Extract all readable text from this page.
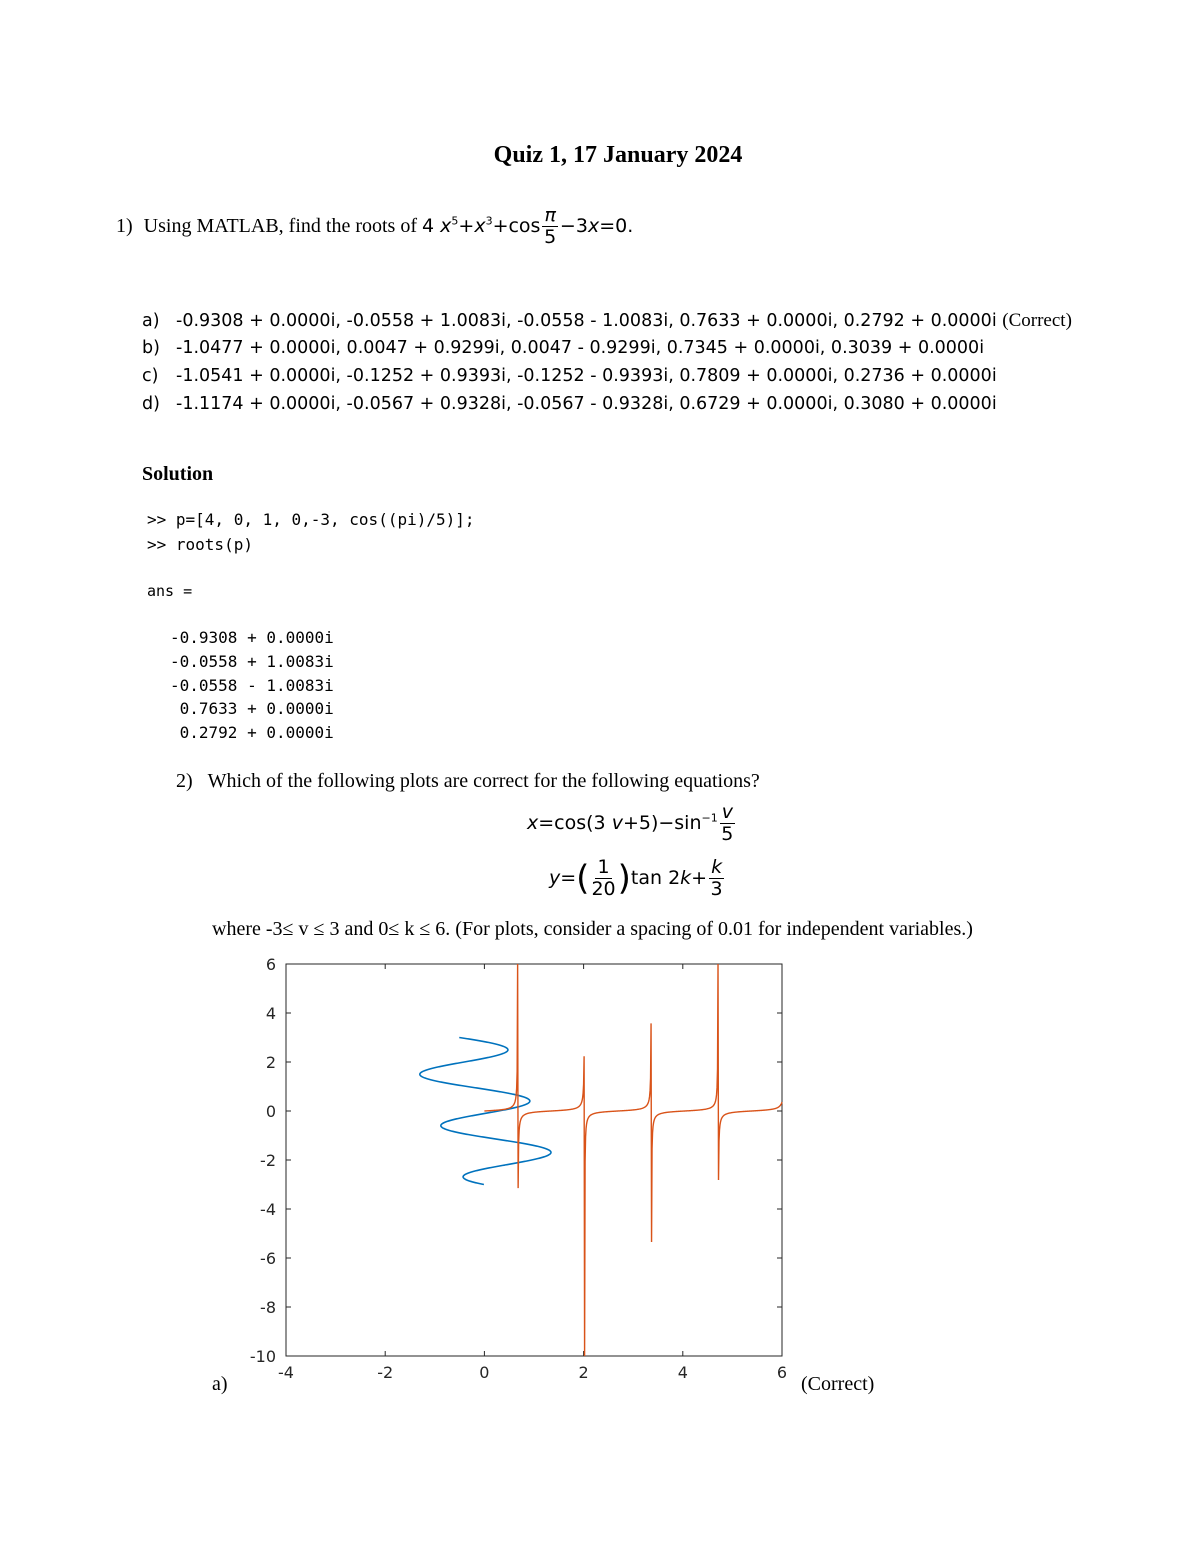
Quiz 1, 17 January 2024
1) Using MATLAB, find the roots of 4 $x^5+x^3+\cos \frac{\pi}{5} -3x=0$.
a) -0.9308 + 0.0000i, -0.0558 + 1.0083i, -0.0558 - 1.0083i, 0.7633 + 0.0000i, 0.2792 + 0.0000i (Correct)
b) -1.0477 + 0.0000i, 0.0047 + 0.9299i, 0.0047 - 0.9299i, 0.7345 + 0.0000i, 0.3039 + 0.0000i
c) -1.0541 + 0.0000i, -0.1252 + 0.9393i, -0.1252 - 0.9393i, 0.7809 + 0.0000i, 0.2736 + 0.0000i
d) -1.1174 + 0.0000i, -0.0567 + 0.9328i, -0.0567 - 0.9328i, 0.6729 + 0.0000i, 0.3080 + 0.0000i
Solution
>> p=[4, 0, 1, 0,-3, cos((pi)/5)];
>> roots(p)
ans =
-0.9308 + 0.0000i
-0.0558 + 1.0083i
-0.0558 - 1.0083i
0.7633 + 0.0000i
0.2792 + 0.0000i
2) Which of the following plots are correct for the following equations?
x=cos(3 $v+5)-\sin^{-1} \frac{v}{5}$
$y=( \frac{1}{20} )\tan$ $2k+ \frac{k}{3}$
where -3≤ v ≤ 3 and 0≤ k ≤ 6. (For plots, consider a spacing of 0.01 for independent variables.)
-4	-2	0	2	4	6
6
4
2
0
-2
-4
-6
-8
-10
a)	(Correct)
